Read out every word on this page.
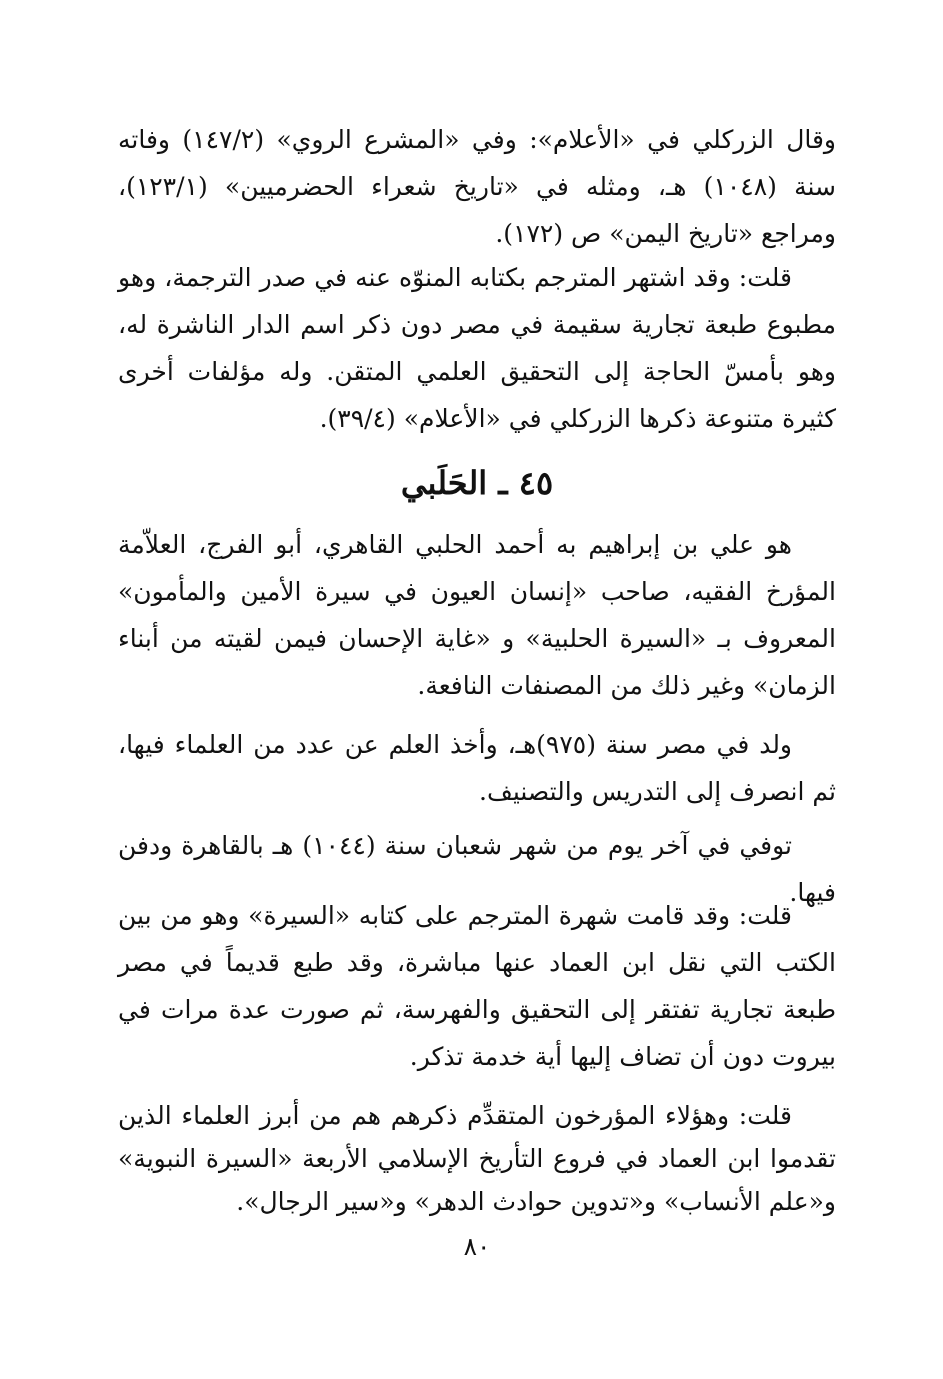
وقال الزركلي في «الأعلام»: وفي «المشرع الروي» (١٤٧/٢) وفاته سنة (١٠٤٨) هـ، ومثله في «تاريخ شعراء الحضرميين» (١٢٣/١)، ومراجع «تاريخ اليمن» ص (١٧٢).

قلت: وقد اشتهر المترجم بكتابه المنوّه عنه في صدر الترجمة، وهو مطبوع طبعة تجارية سقيمة في مصر دون ذكر اسم الدار الناشرة له، وهو بأمسّ الحاجة إلى التحقيق العلمي المتقن. وله مؤلفات أخرى كثيرة متنوعة ذكرها الزركلي في «الأعلام» (٣٩/٤).

٤٥ ـ الحَلَبي

هو علي بن إبراهيم به أحمد الحلبي القاهري، أبو الفرج، العلاّمة المؤرخ الفقيه، صاحب «إنسان العيون في سيرة الأمين والمأمون» المعروف بـ «السيرة الحلبية» و «غاية الإحسان فيمن لقيته من أبناء الزمان» وغير ذلك من المصنفات النافعة.

ولد في مصر سنة (٩٧٥)هـ، وأخذ العلم عن عدد من العلماء فيها، ثم انصرف إلى التدريس والتصنيف.

توفي في آخر يوم من شهر شعبان سنة (١٠٤٤) هـ بالقاهرة ودفن فيها.

قلت: وقد قامت شهرة المترجم على كتابه «السيرة» وهو من بين الكتب التي نقل ابن العماد عنها مباشرة، وقد طبع قديماً في مصر طبعة تجارية تفتقر إلى التحقيق والفهرسة، ثم صورت عدة مرات في بيروت دون أن تضاف إليها أية خدمة تذكر.

قلت: وهؤلاء المؤرخون المتقدِّم ذكرهم هم من أبرز العلماء الذين تقدموا ابن العماد في فروع التأريخ الإسلامي الأربعة «السيرة النبوية» و«علم الأنساب» و«تدوين حوادث الدهر» و«سير الرجال».

٨٠
